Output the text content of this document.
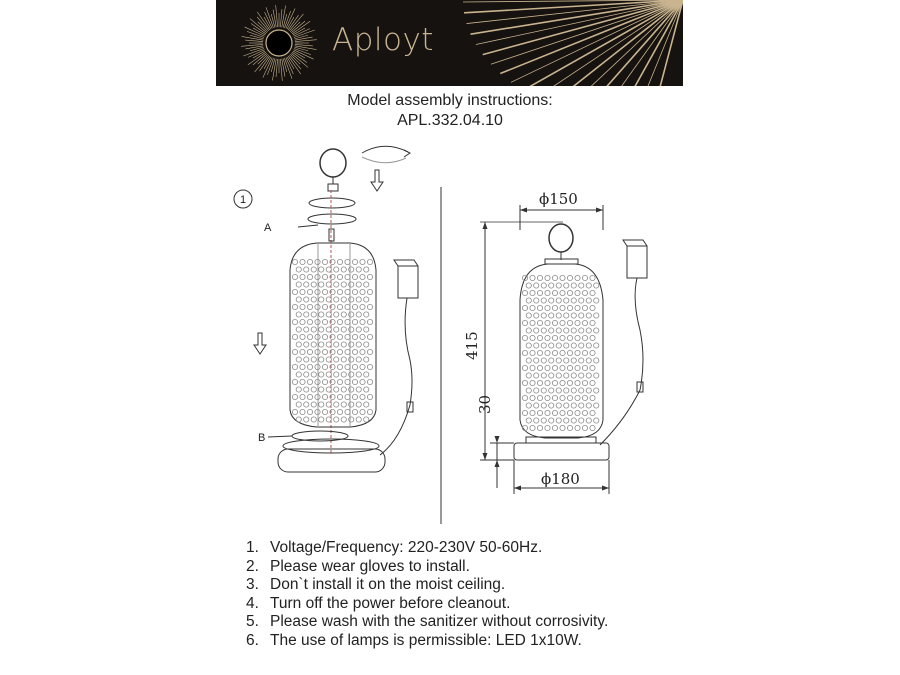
Aployt
Model assembly instructions:
APL.332.04.10
1
A
B
ϕ150
ϕ180
415
30
1. Voltage/Frequency: 220-230V 50-60Hz.
2. Please wear gloves to install.
3. Don`t install it on the moist ceiling.
4. Turn off the power before cleanout.
5. Please wash with the sanitizer without corrosivity.
6. The use of lamps is permissible: LED 1x10W.
